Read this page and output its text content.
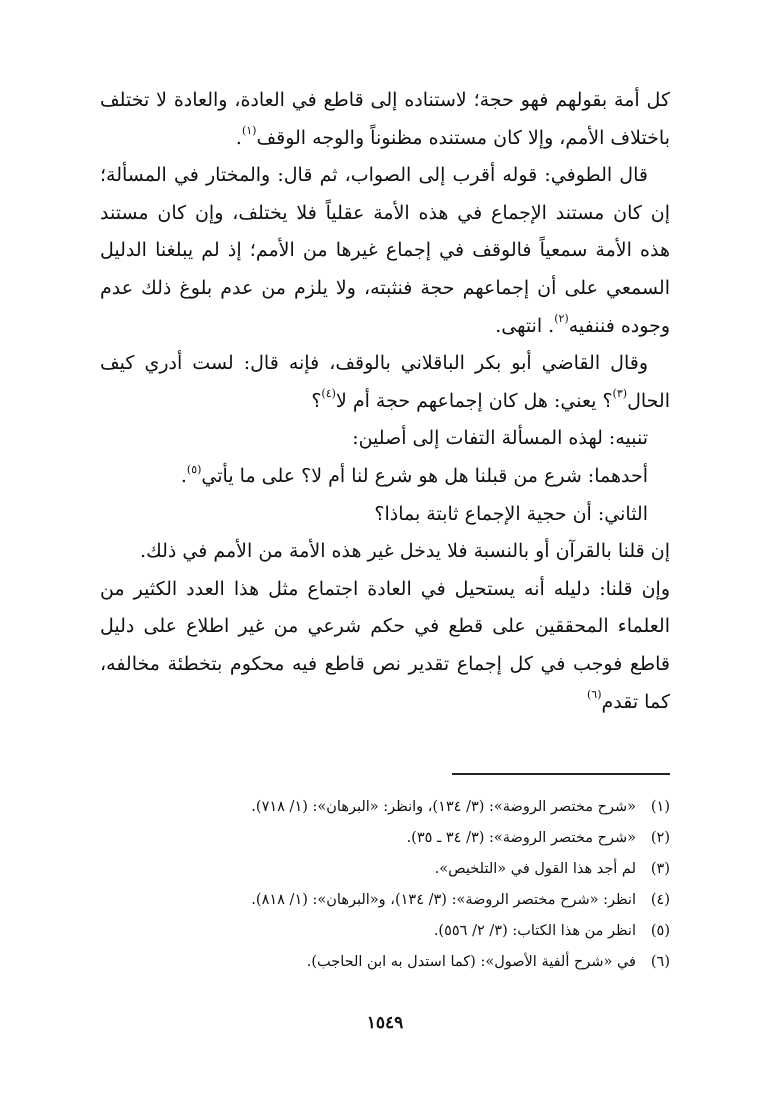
كل أمة بقولهم فهو حجة؛ لاستناده إلى قاطع في العادة، والعادة لا تختلف باختلاف الأمم، وإلا كان مستنده مظنوناً والوجه الوقف$^{(١)}$.

قال الطوفي: قوله أقرب إلى الصواب، ثم قال: والمختار في المسألة؛ إن كان مستند الإجماع في هذه الأمة عقلياً فلا يختلف، وإن كان مستند هذه الأمة سمعياً فالوقف في إجماع غيرها من الأمم؛ إذ لم يبلغنا الدليل السمعي على أن إجماعهم حجة فنثبته، ولا يلزم من عدم بلوغ ذلك عدم وجوده فننفيه$^{(٢)}$. انتهى.

وقال القاضي أبو بكر الباقلاني بالوقف، فإنه قال: لست أدري كيف الحال$^{(٣)}$؟ يعني: هل كان إجماعهم حجة أم لا$^{(٤)}$؟

تنبيه: لهذه المسألة التفات إلى أصلين:

أحدهما: شرع من قبلنا هل هو شرع لنا أم لا؟ على ما يأتي$^{(٥)}$.

الثاني: أن حجية الإجماع ثابتة بماذا؟

إن قلنا بالقرآن أو بالنسبة فلا يدخل غير هذه الأمة من الأمم في ذلك.

وإن قلنا: دليله أنه يستحيل في العادة اجتماع مثل هذا العدد الكثير من العلماء المحققين على قطع في حكم شرعي من غير اطلاع على دليل قاطع فوجب في كل إجماع تقدير نص قاطع فيه محكوم بتخطئة مخالفه، كما تقدم$^{(٦)}$

(١)«شرح مختصر الروضة»: (٣/ ١٣٤)، وانظر: «البرهان»: (١/ ٧١٨).
(٢)«شرح مختصر الروضة»: (٣/ ٣٤ ـ ٣٥).
(٣)لم أجد هذا القول في «التلخيص».
(٤)انظر: «شرح مختصر الروضة»: (٣/ ١٣٤)، و«البرهان»: (١/ ٨١٨).
(٥)انظر من هذا الكتاب: (٣/ ٢/ ٥٥٦).
(٦)في «شرح ألفية الأصول»: (كما استدل به ابن الحاجب).
١٥٤٩
